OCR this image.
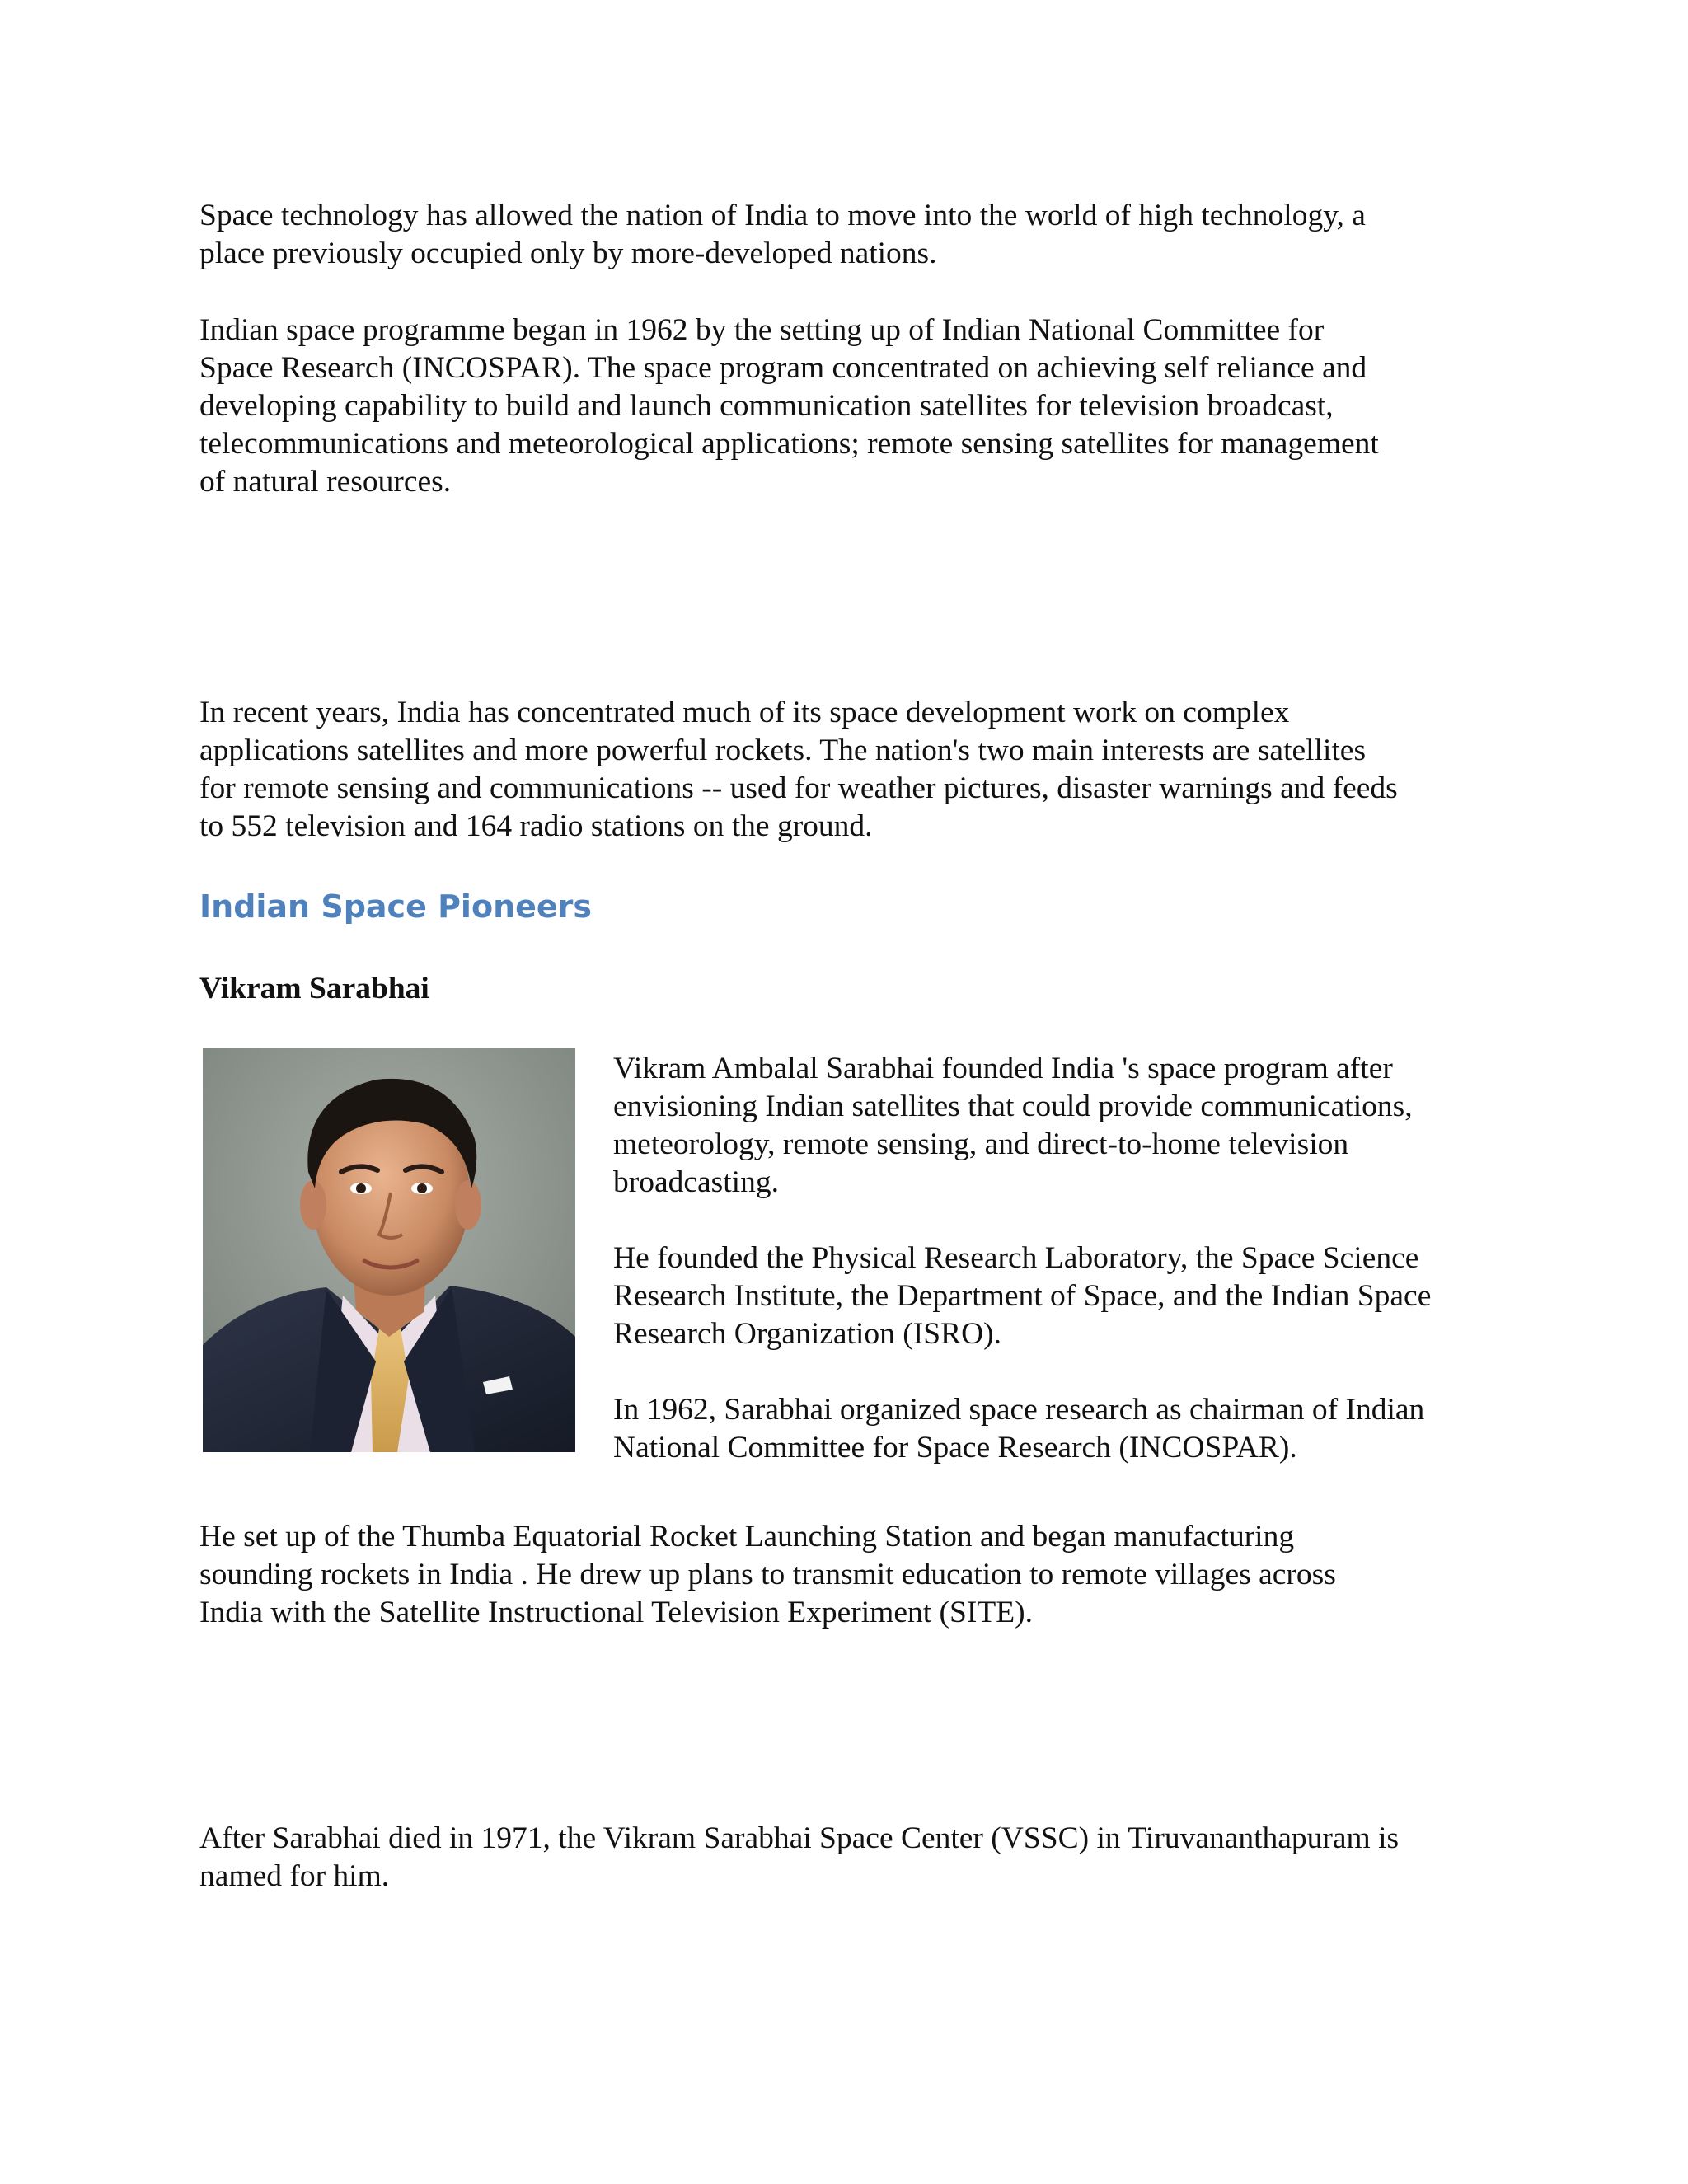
Space technology has allowed the nation of India to move into the world of high technology, a
place previously occupied only by more-developed nations.

Indian space programme began in 1962 by the setting up of Indian National Committee for
Space Research (INCOSPAR). The space program concentrated on achieving self reliance and
developing capability to build and launch communication satellites for television broadcast,
telecommunications and meteorological applications; remote sensing satellites for management
of natural resources.

In recent years, India has concentrated much of its space development work on complex
applications satellites and more powerful rockets. The nation's two main interests are satellites
for remote sensing and communications -- used for weather pictures, disaster warnings and feeds
to 552 television and 164 radio stations on the ground.

Indian Space Pioneers
Vikram Sarabhai

Vikram Ambalal Sarabhai founded India 's space program after
envisioning Indian satellites that could provide communications,
meteorology, remote sensing, and direct-to-home television
broadcasting.

He founded the Physical Research Laboratory, the Space Science
Research Institute, the Department of Space, and the Indian Space
Research Organization (ISRO).

In 1962, Sarabhai organized space research as chairman of Indian
National Committee for Space Research (INCOSPAR).

He set up of the Thumba Equatorial Rocket Launching Station and began manufacturing
sounding rockets in India . He drew up plans to transmit education to remote villages across
India with the Satellite Instructional Television Experiment (SITE).

After Sarabhai died in 1971, the Vikram Sarabhai Space Center (VSSC) in Tiruvananthapuram is
named for him.
